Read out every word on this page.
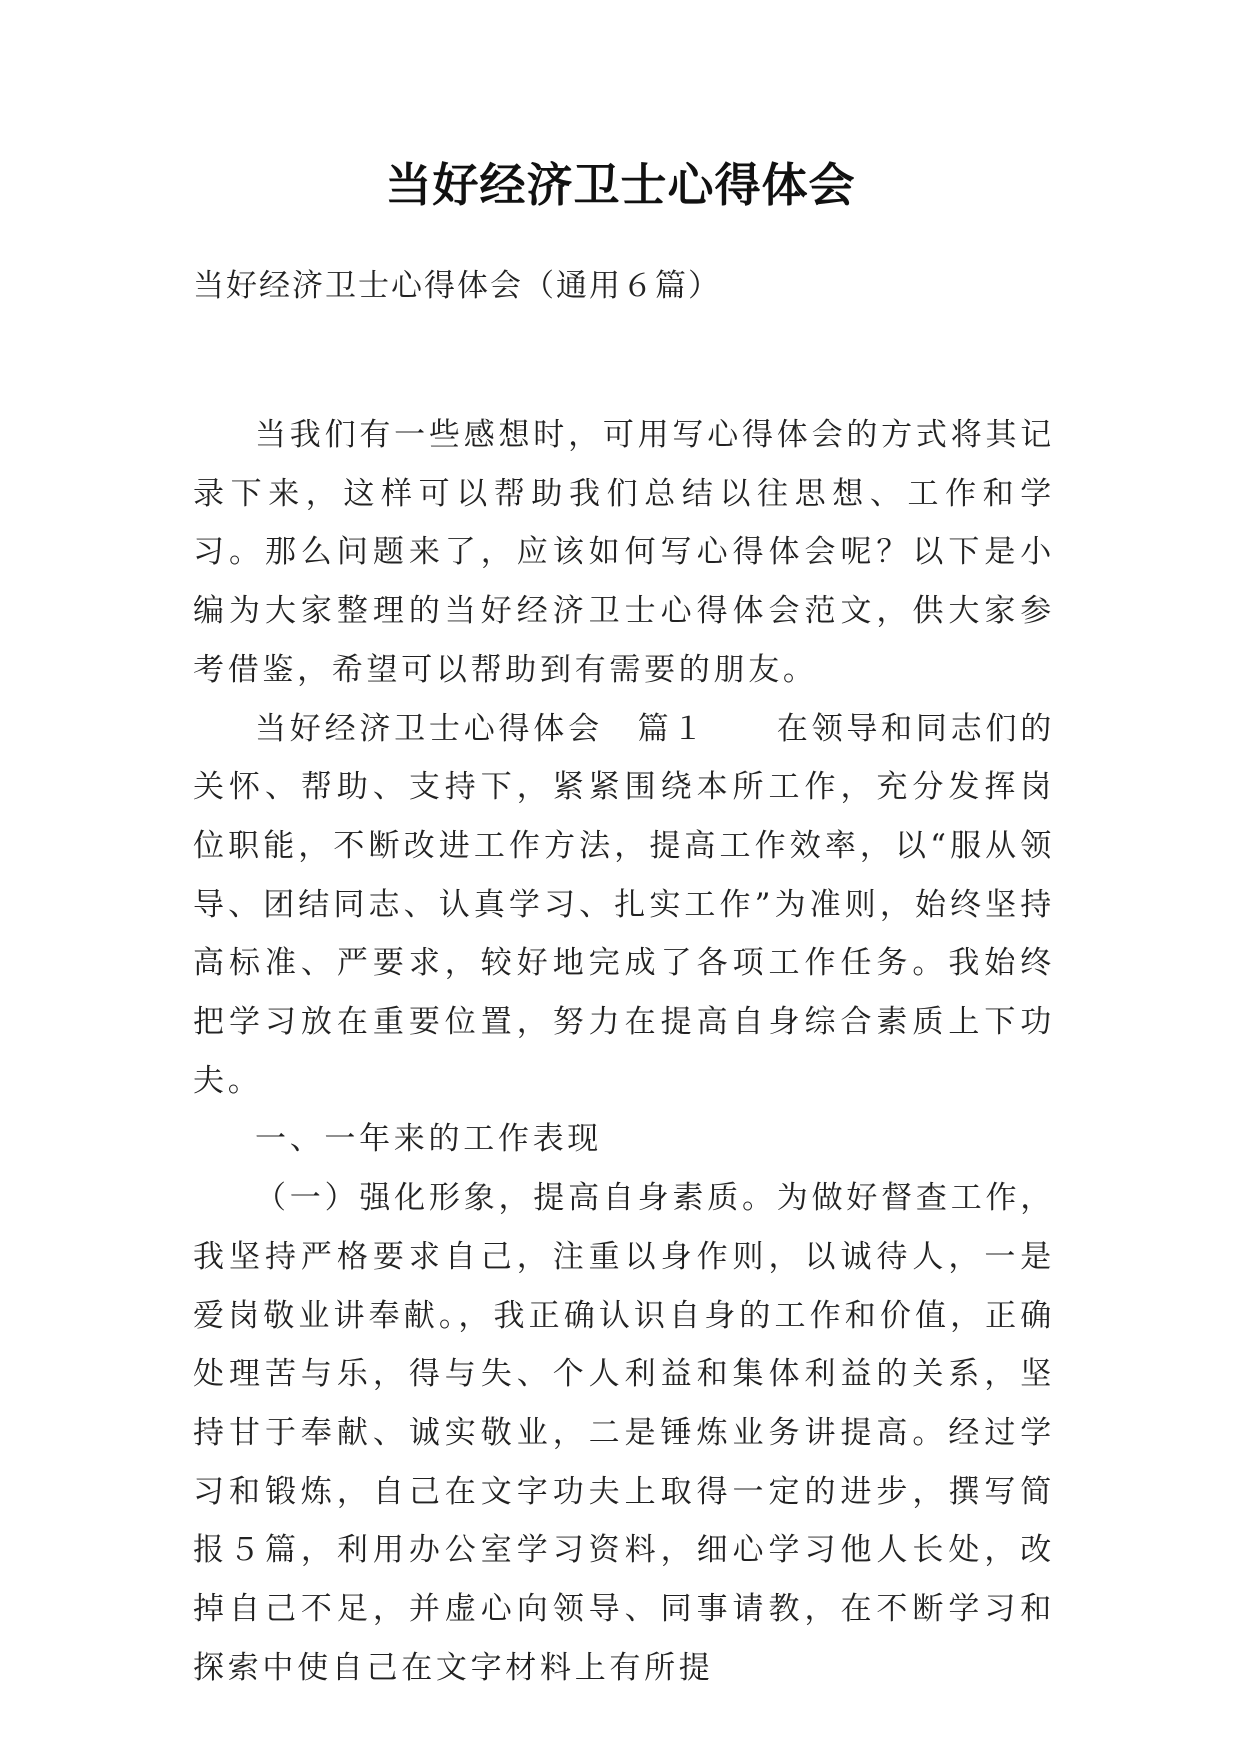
当好经济卫士心得体会

当好经济卫士心得体会（通用６篇）

当我们有一些感想时，可用写心得体会的方式将其记录下来，这样可以帮助我们总结以往思想、工作和学习。那么问题来了，应该如何写心得体会呢？以下是小编为大家整理的当好经济卫士心得体会范文，供大家参考借鉴，希望可以帮助到有需要的朋友。

当好经济卫士心得体会　篇１　　在领导和同志们的关怀、帮助、支持下，紧紧围绕本所工作，充分发挥岗位职能，不断改进工作方法，提高工作效率，以“服从领导、团结同志、认真学习、扎实工作”为准则，始终坚持高标准、严要求，较好地完成了各项工作任务。我始终把学习放在重要位置，努力在提高自身综合素质上下功夫。

一、一年来的工作表现

（一）强化形象，提高自身素质。为做好督查工作，我坚持严格要求自己，注重以身作则，以诚待人，一是爱岗敬业讲奉献。，我正确认识自身的工作和价值，正确处理苦与乐，得与失、个人利益和集体利益的关系，坚持甘于奉献、诚实敬业，二是锤炼业务讲提高。经过学习和锻炼，自己在文字功夫上取得一定的进步，撰写简报５篇，利用办公室学习资料，细心学习他人长处，改掉自己不足，并虚心向领导、同事请教，在不断学习和探索中使自己在文字材料上有所提
